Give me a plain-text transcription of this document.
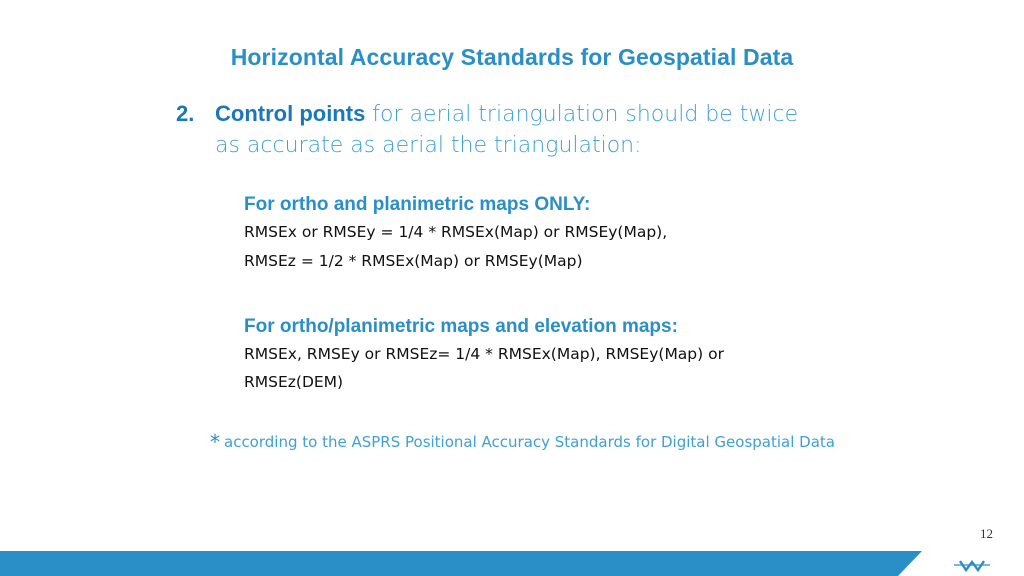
Horizontal Accuracy Standards for Geospatial Data
2. Control points for aerial triangulation should be twice as accurate as aerial the triangulation:
For ortho and planimetric maps ONLY:
RMSEx or RMSEy = 1/4 * RMSEx(Map) or RMSEy(Map),
RMSEz = 1/2 * RMSEx(Map) or RMSEy(Map)
For ortho/planimetric maps and elevation maps:
RMSEx, RMSEy or RMSEz= 1/4 * RMSEx(Map), RMSEy(Map) or
RMSEz(DEM)
* according to the ASPRS Positional Accuracy Standards for Digital Geospatial Data
12
